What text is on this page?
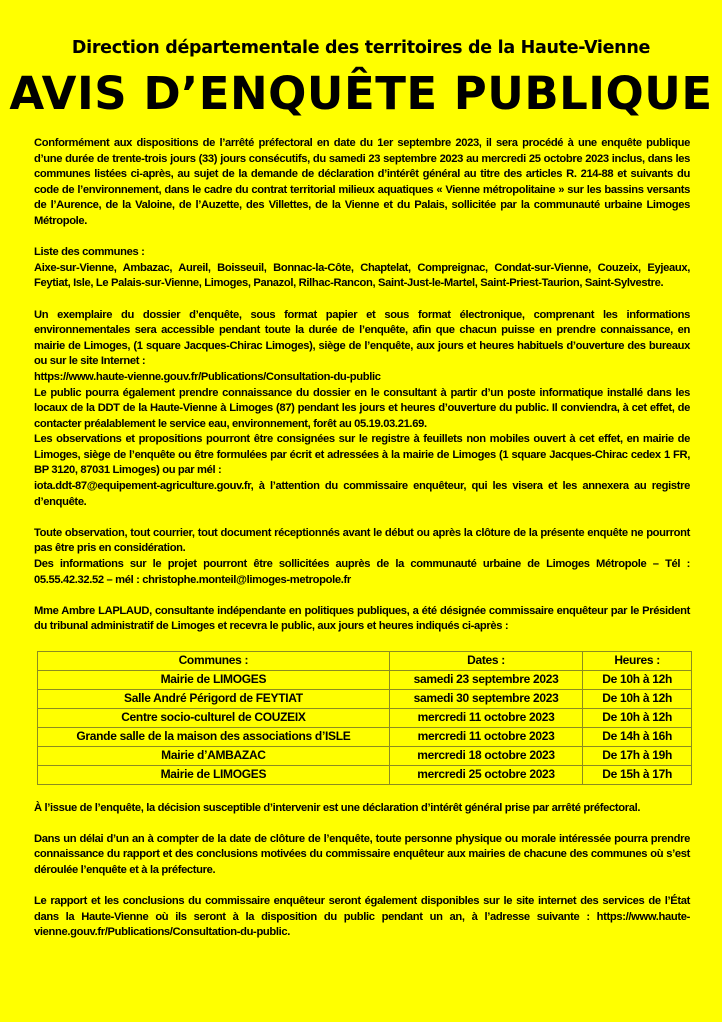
Direction départementale des territoires de la Haute-Vienne
AVIS D’ENQUÊTE PUBLIQUE

Conformément aux dispositions de l’arrêté préfectoral en date du 1er septembre 2023, il sera procédé à une enquête publique d’une durée de trente-trois jours (33) jours consécutifs, du samedi 23 septembre 2023 au mercredi 25 octobre 2023 inclus, dans les communes listées ci-après, au sujet de la demande de déclaration d’intérêt général au titre des articles R. 214-88 et suivants du code de l’environnement, dans le cadre du contrat territorial milieux aquatiques « Vienne métropolitaine » sur les bassins versants de l’Aurence, de la Valoine, de l’Auzette, des Villettes, de la Vienne et du Palais, sollicitée par la communauté urbaine Limoges Métropole.

Liste des communes :

Aixe-sur-Vienne, Ambazac, Aureil, Boisseuil, Bonnac-la-Côte, Chaptelat, Compreignac, Condat-sur-Vienne, Couzeix, Eyjeaux, Feytiat, Isle, Le Palais-sur-Vienne, Limoges, Panazol, Rilhac-Rancon, Saint-Just-le-Martel, Saint-Priest-Taurion, Saint-Sylvestre.

Un exemplaire du dossier d’enquête, sous format papier et sous format électronique, comprenant les informations environnementales sera accessible pendant toute la durée de l’enquête, afin que chacun puisse en prendre connaissance, en mairie de Limoges, (1 square Jacques-Chirac Limoges), siège de l’enquête, aux jours et heures habituels d’ouverture des bureaux ou sur le site Internet :

https://www.haute-vienne.gouv.fr/Publications/Consultation-du-public

Le public pourra également prendre connaissance du dossier en le consultant à partir d’un poste informatique installé dans les locaux de la DDT de la Haute-Vienne à Limoges (87) pendant les jours et heures d’ouverture du public. Il conviendra, à cet effet, de contacter préalablement le service eau, environnement, forêt au 05.19.03.21.69.

Les observations et propositions pourront être consignées sur le registre à feuillets non mobiles ouvert à cet effet, en mairie de Limoges, siège de l’enquête ou être formulées par écrit et adressées à la mairie de Limoges (1 square Jacques-Chirac cedex 1 FR, BP 3120, 87031 Limoges) ou par mél :

iota.ddt-87@equipement-agriculture.gouv.fr, à l’attention du commissaire enquêteur, qui les visera et les annexera au registre d’enquête.

Toute observation, tout courrier, tout document réceptionnés avant le début ou après la clôture de la présente enquête ne pourront pas être pris en considération.

Des informations sur le projet pourront être sollicitées auprès de la communauté urbaine de Limoges Métropole – Tél : 05.55.42.32.52 – mél : christophe.monteil@limoges-metropole.fr

Mme Ambre LAPLAUD, consultante indépendante en politiques publiques, a été désignée commissaire enquêteur par le Président du tribunal administratif de Limoges et recevra le public, aux jours et heures indiqués ci-après :

Communes :	Dates :	Heures :
Mairie de LIMOGES	samedi 23 septembre 2023	De 10h à 12h
Salle André Périgord de FEYTIAT	samedi 30 septembre 2023	De 10h à 12h
Centre socio-culturel de COUZEIX	mercredi 11 octobre 2023	De 10h à 12h
Grande salle de la maison des associations d’ISLE	mercredi 11 octobre 2023	De 14h à 16h
Mairie d’AMBAZAC	mercredi 18 octobre 2023	De 17h à 19h
Mairie de LIMOGES	mercredi 25 octobre 2023	De 15h à 17h

À l’issue de l’enquête, la décision susceptible d’intervenir est une déclaration d’intérêt général prise par arrêté préfectoral.

Dans un délai d’un an à compter de la date de clôture de l’enquête, toute personne physique ou morale intéressée pourra prendre connaissance du rapport et des conclusions motivées du commissaire enquêteur aux mairies de chacune des communes où s’est déroulée l’enquête et à la préfecture.

Le rapport et les conclusions du commissaire enquêteur seront également disponibles sur le site internet des services de l’État dans la Haute-Vienne où ils seront à la disposition du public pendant un an, à l’adresse suivante : https://www.haute-vienne.gouv.fr/Publications/Consultation-du-public.
